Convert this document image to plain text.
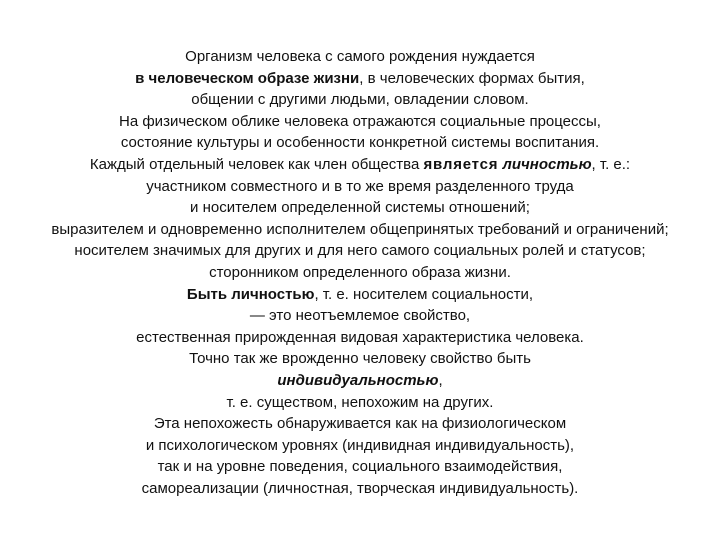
Организм человека с самого рождения нуждается
в человеческом образе жизни, в человеческих формах бытия,
общении с другими людьми, овладении словом.
На физическом облике человека отражаются социальные процессы,
состояние культуры и особенности конкретной системы воспитания.
Каждый отдельный человек как член общества является личностью, т. е.:
участником совместного и в то же время разделенного труда
и носителем определенной системы отношений;
выразителем и одновременно исполнителем общепринятых требований и ограничений;
носителем значимых для других и для него самого социальных ролей и статусов;
сторонником определенного образа жизни.
Быть личностью, т. е. носителем социальности,
— это неотъемлемое свойство,
естественная прирожденная видовая характеристика человека.
Точно так же врожденно человеку свойство быть
индивидуальностью,
т. е. существом, непохожим на других.
Эта непохожесть обнаруживается как на физиологическом
и психологическом уровнях (индивидная индивидуальность),
так и на уровне поведения, социального взаимодействия,
самореализации (личностная, творческая индивидуальность).
